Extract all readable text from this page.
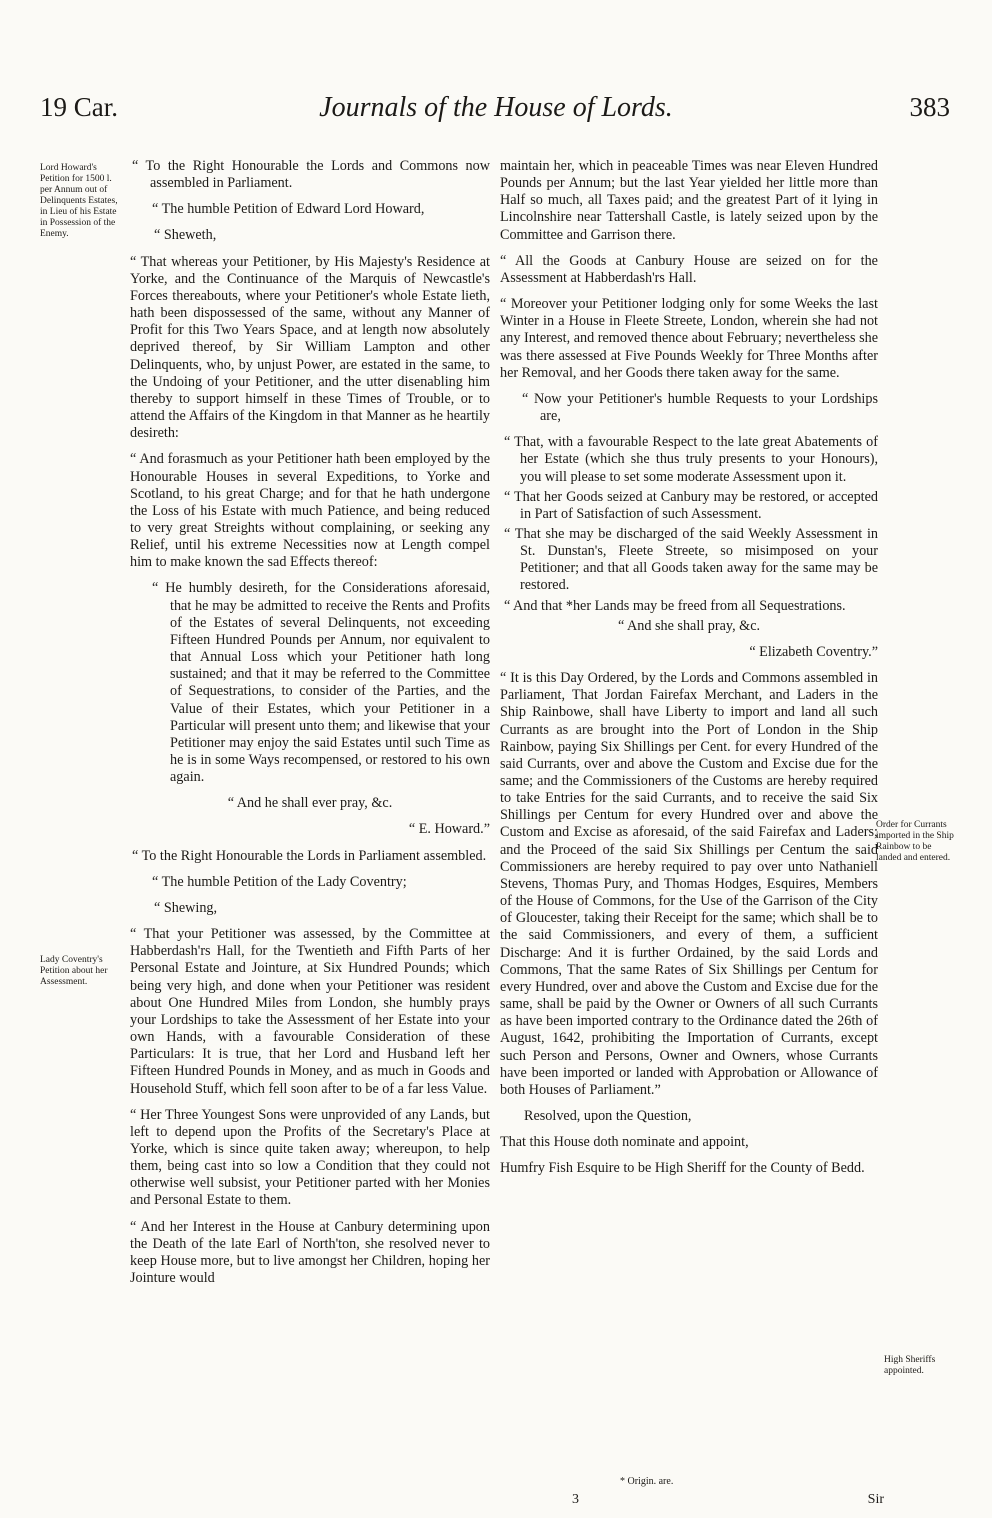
19 Car.	Journals of the House of Lords.	383
Lord Howard's Petition for 1500 l. per Annum out of Delinquents Estates, in Lieu of his Estate in Possession of the Enemy.
Lady Coventry's Petition about her Assessment.
Order for Currants imported in the Ship Rainbow to be landed and entered.
High Sheriffs appointed.

“ To the Right Honourable the Lords and Commons now assembled in Parliament.

“ The humble Petition of Edward Lord Howard,

“ Sheweth,

“ That whereas your Petitioner, by His Majesty's Residence at Yorke, and the Continuance of the Marquis of Newcastle's Forces thereabouts, where your Petitioner's whole Estate lieth, hath been dispossessed of the same, without any Manner of Profit for this Two Years Space, and at length now absolutely deprived thereof, by Sir William Lampton and other Delinquents, who, by unjust Power, are estated in the same, to the Undoing of your Petitioner, and the utter disenabling him thereby to support himself in these Times of Trouble, or to attend the Affairs of the Kingdom in that Manner as he heartily desireth:

“ And forasmuch as your Petitioner hath been employed by the Honourable Houses in several Expeditions, to Yorke and Scotland, to his great Charge; and for that he hath undergone the Loss of his Estate with much Patience, and being reduced to very great Streights without complaining, or seeking any Relief, until his extreme Necessities now at Length compel him to make known the sad Effects thereof:

“ He humbly desireth, for the Considerations aforesaid, that he may be admitted to receive the Rents and Profits of the Estates of several Delinquents, not exceeding Fifteen Hundred Pounds per Annum, nor equivalent to that Annual Loss which your Petitioner hath long sustained; and that it may be referred to the Committee of Sequestrations, to consider of the Parties, and the Value of their Estates, which your Petitioner in a Particular will present unto them; and likewise that your Petitioner may enjoy the said Estates until such Time as he is in some Ways recompensed, or restored to his own again.

“ And he shall ever pray, &c.

“ E. Howard.”

“ To the Right Honourable the Lords in Parliament assembled.

“ The humble Petition of the Lady Coventry;

“ Shewing,

“ That your Petitioner was assessed, by the Committee at Habberdash'rs Hall, for the Twentieth and Fifth Parts of her Personal Estate and Jointure, at Six Hundred Pounds; which being very high, and done when your Petitioner was resident about One Hundred Miles from London, she humbly prays your Lordships to take the Assessment of her Estate into your own Hands, with a favourable Consideration of these Particulars: It is true, that her Lord and Husband left her Fifteen Hundred Pounds in Money, and as much in Goods and Household Stuff, which fell soon after to be of a far less Value.

“ Her Three Youngest Sons were unprovided of any Lands, but left to depend upon the Profits of the Secretary's Place at Yorke, which is since quite taken away; whereupon, to help them, being cast into so low a Condition that they could not otherwise well subsist, your Petitioner parted with her Monies and Personal Estate to them.

“ And her Interest in the House at Canbury determining upon the Death of the late Earl of North'ton, she resolved never to keep House more, but to live amongst her Children, hoping her Jointure would

maintain her, which in peaceable Times was near Eleven Hundred Pounds per Annum; but the last Year yielded her little more than Half so much, all Taxes paid; and the greatest Part of it lying in Lincolnshire near Tattershall Castle, is lately seized upon by the Committee and Garrison there.

“ All the Goods at Canbury House are seized on for the Assessment at Habberdash'rs Hall.

“ Moreover your Petitioner lodging only for some Weeks the last Winter in a House in Fleete Streete, London, wherein she had not any Interest, and removed thence about February; nevertheless she was there assessed at Five Pounds Weekly for Three Months after her Removal, and her Goods there taken away for the same.

“ Now your Petitioner's humble Requests to your Lordships are,

“ That, with a favourable Respect to the late great Abatements of her Estate (which she thus truly presents to your Honours), you will please to set some moderate Assessment upon it.

“ That her Goods seized at Canbury may be restored, or accepted in Part of Satisfaction of such Assessment.

“ That she may be discharged of the said Weekly Assessment in St. Dunstan's, Fleete Streete, so misimposed on your Petitioner; and that all Goods taken away for the same may be restored.

“ And that *her Lands may be freed from all Sequestrations.

“ And she shall pray, &c.

“ Elizabeth Coventry.”

“ It is this Day Ordered, by the Lords and Commons assembled in Parliament, That Jordan Fairefax Merchant, and Laders in the Ship Rainbowe, shall have Liberty to import and land all such Currants as are brought into the Port of London in the Ship Rainbow, paying Six Shillings per Cent. for every Hundred of the said Currants, over and above the Custom and Excise due for the same; and the Commissioners of the Customs are hereby required to take Entries for the said Currants, and to receive the said Six Shillings per Centum for every Hundred over and above the Custom and Excise as aforesaid, of the said Fairefax and Laders; and the Proceed of the said Six Shillings per Centum the said Commissioners are hereby required to pay over unto Nathaniell Stevens, Thomas Pury, and Thomas Hodges, Esquires, Members of the House of Commons, for the Use of the Garrison of the City of Gloucester, taking their Receipt for the same; which shall be to the said Commissioners, and every of them, a sufficient Discharge: And it is further Ordained, by the said Lords and Commons, That the same Rates of Six Shillings per Centum for every Hundred, over and above the Custom and Excise due for the same, shall be paid by the Owner or Owners of all such Currants as have been imported contrary to the Ordinance dated the 26th of August, 1642, prohibiting the Importation of Currants, except such Person and Persons, Owner and Owners, whose Currants have been imported or landed with Approbation or Allowance of both Houses of Parliament.”

Resolved, upon the Question,

That this House doth nominate and appoint,

Humfry Fish Esquire to be High Sheriff for the County of Bedd.

* Origin. are.
3	Sir
